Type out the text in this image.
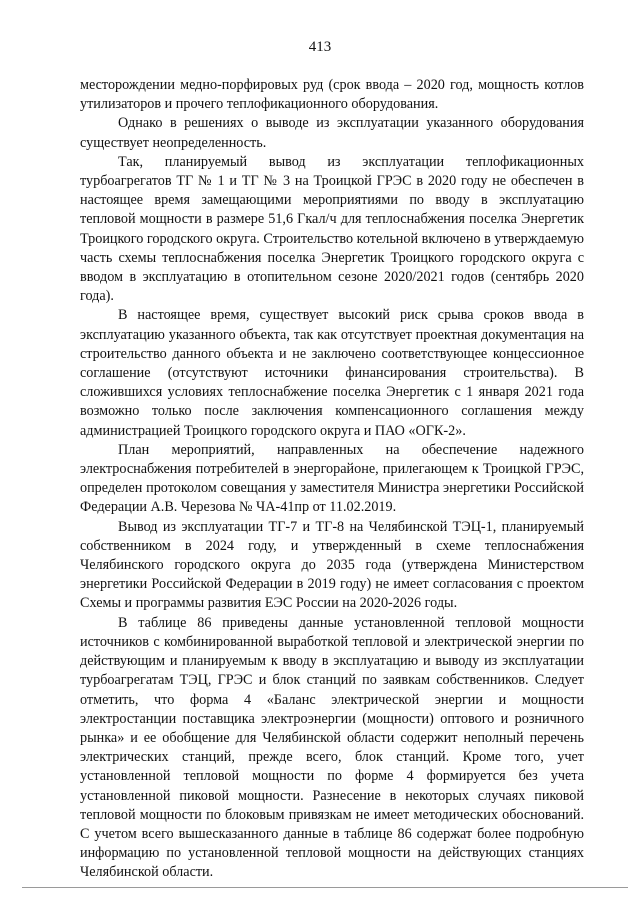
413

месторождении медно-порфировых руд (срок ввода – 2020 год, мощность котлов утилизаторов и прочего теплофикационного оборудования.

Однако в решениях о выводе из эксплуатации указанного оборудования существует неопределенность.

Так, планируемый вывод из эксплуатации теплофикационных турбоагрегатов ТГ № 1 и ТГ № 3 на Троицкой ГРЭС в 2020 году не обеспечен в настоящее время замещающими мероприятиями по вводу в эксплуатацию тепловой мощности в размере 51,6 Гкал/ч для теплоснабжения поселка Энергетик Троицкого городского округа. Строительство котельной включено в утверждаемую часть схемы теплоснабжения поселка Энергетик Троицкого городского округа с вводом в эксплуатацию в отопительном сезоне 2020/2021 годов (сентябрь 2020 года).

В настоящее время, существует высокий риск срыва сроков ввода в эксплуатацию указанного объекта, так как отсутствует проектная документация на строительство данного объекта и не заключено соответствующее концессионное соглашение (отсутствуют источники финансирования строительства). В сложившихся условиях теплоснабжение поселка Энергетик с 1 января 2021 года возможно только после заключения компенсационного соглашения между администрацией Троицкого городского округа и ПАО «ОГК-2».

План мероприятий, направленных на обеспечение надежного электроснабжения потребителей в энергорайоне, прилегающем к Троицкой ГРЭС, определен протоколом совещания у заместителя Министра энергетики Российской Федерации А.В. Черезова № ЧА-41пр от 11.02.2019.

Вывод из эксплуатации ТГ-7 и ТГ-8 на Челябинской ТЭЦ-1, планируемый собственником в 2024 году, и утвержденный в схеме теплоснабжения Челябинского городского округа до 2035 года (утверждена Министерством энергетики Российской Федерации в 2019 году) не имеет согласования с проектом Схемы и программы развития ЕЭС России на 2020-2026 годы.

В таблице 86 приведены данные установленной тепловой мощности источников с комбинированной выработкой тепловой и электрической энергии по действующим и планируемым к вводу в эксплуатацию и выводу из эксплуатации турбоагрегатам ТЭЦ, ГРЭС и блок станций по заявкам собственников. Следует отметить, что форма 4 «Баланс электрической энергии и мощности электростанции поставщика электроэнергии (мощности) оптового и розничного рынка» и ее обобщение для Челябинской области содержит неполный перечень электрических станций, прежде всего, блок станций. Кроме того, учет установленной тепловой мощности по форме 4 формируется без учета установленной пиковой мощности. Разнесение в некоторых случаях пиковой тепловой мощности по блоковым привязкам не имеет методических обоснований. С учетом всего вышесказанного данные в таблице 86 содержат более подробную информацию по установленной тепловой мощности на действующих станциях Челябинской области.
